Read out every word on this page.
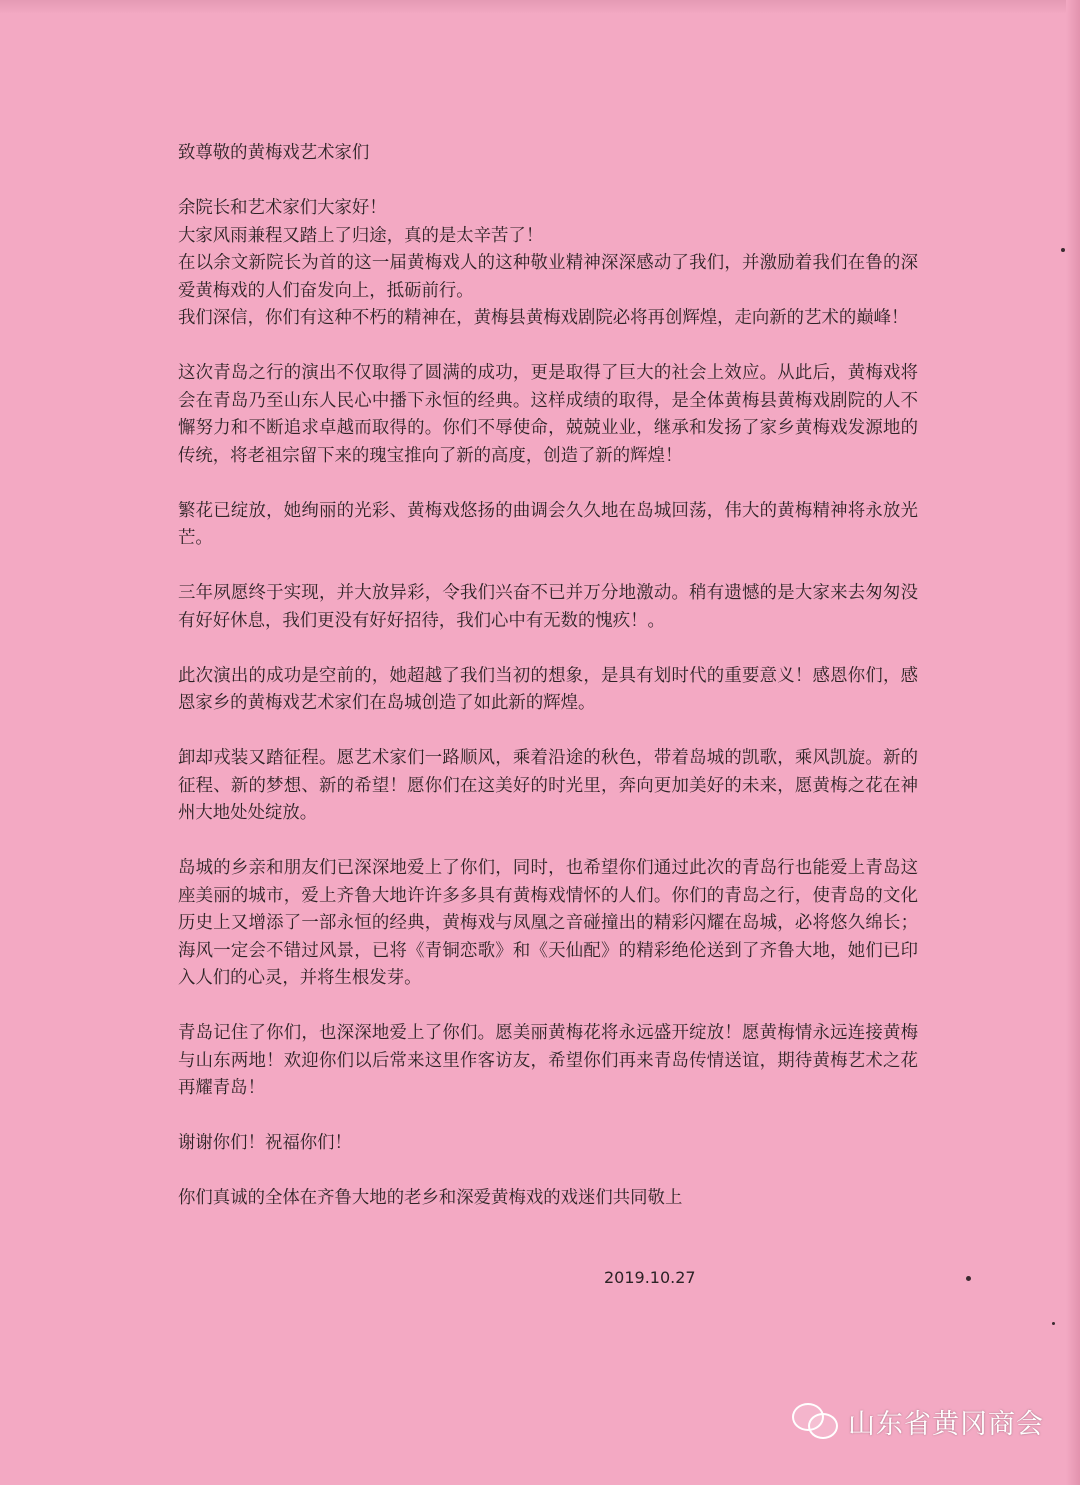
致尊敬的黄梅戏艺术家们

余院长和艺术家们大家好！

大家风雨兼程又踏上了归途，真的是太辛苦了！
在以余文新院长为首的这一届黄梅戏人的这种敬业精神深深感动了我们，并激励着我们在鲁的深爱黄梅戏的人们奋发向上，抵砺前行。
我们深信，你们有这种不朽的精神在，黄梅县黄梅戏剧院必将再创辉煌，走向新的艺术的巅峰！

这次青岛之行的演出不仅取得了圆满的成功，更是取得了巨大的社会上效应。从此后，黄梅戏将会在青岛乃至山东人民心中播下永恒的经典。这样成绩的取得，是全体黄梅县黄梅戏剧院的人不懈努力和不断追求卓越而取得的。你们不辱使命，兢兢业业，继承和发扬了家乡黄梅戏发源地的传统，将老祖宗留下来的瑰宝推向了新的高度，创造了新的辉煌！

繁花已绽放，她绚丽的光彩、黄梅戏悠扬的曲调会久久地在岛城回荡，伟大的黄梅精神将永放光芒。

三年夙愿终于实现，并大放异彩，令我们兴奋不已并万分地激动。稍有遗憾的是大家来去匆匆没有好好休息，我们更没有好好招待，我们心中有无数的愧疚！。

此次演出的成功是空前的，她超越了我们当初的想象，是具有划时代的重要意义！感恩你们，感恩家乡的黄梅戏艺术家们在岛城创造了如此新的辉煌。

卸却戎装又踏征程。愿艺术家们一路顺风，乘着沿途的秋色，带着岛城的凯歌，乘风凯旋。新的征程、新的梦想、新的希望！愿你们在这美好的时光里，奔向更加美好的未来，愿黄梅之花在神州大地处处绽放。

岛城的乡亲和朋友们已深深地爱上了你们，同时，也希望你们通过此次的青岛行也能爱上青岛这座美丽的城市，爱上齐鲁大地许许多多具有黄梅戏情怀的人们。你们的青岛之行，使青岛的文化历史上又增添了一部永恒的经典，黄梅戏与凤凰之音碰撞出的精彩闪耀在岛城，必将悠久绵长；海风一定会不错过风景，已将《青铜恋歌》和《天仙配》的精彩绝伦送到了齐鲁大地，她们已印入人们的心灵，并将生根发芽。

青岛记住了你们，也深深地爱上了你们。愿美丽黄梅花将永远盛开绽放！愿黄梅情永远连接黄梅与山东两地！欢迎你们以后常来这里作客访友，希望你们再来青岛传情送谊，期待黄梅艺术之花再耀青岛！

谢谢你们！祝福你们！

你们真诚的全体在齐鲁大地的老乡和深爱黄梅戏的戏迷们共同敬上

2019.10.27
山东省黄冈商会
